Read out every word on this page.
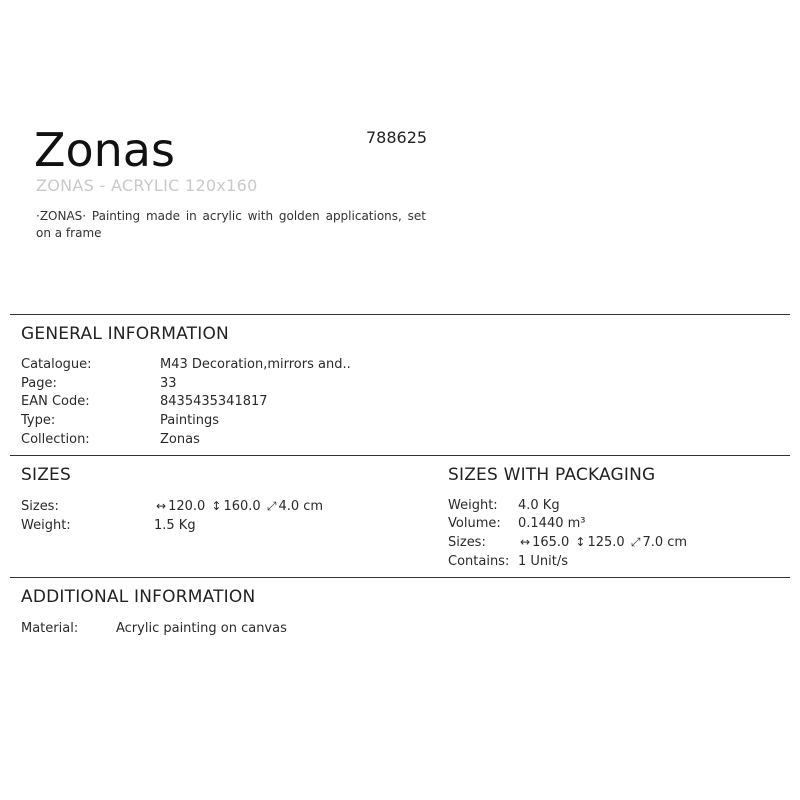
Zonas	788625
ZONAS - ACRYLIC 120x160

·ZONAS· Painting made in acrylic with golden applications, set on a frame

GENERAL INFORMATION
Catalogue:	M43 Decoration,mirrors and..
Page:	33
EAN Code:	8435435341817
Type:	Paintings
Collection:	Zonas
SIZES
Sizes:	↔ 120.0 ↕ 160.0 ⤢ 4.0 cm
Weight:	1.5 Kg
SIZES WITH PACKAGING
Weight: 4.0 Kg
Volume: 0.1440 m³
Sizes:	↔ 165.0 ↕ 125.0 ⤢ 7.0 cm
Contains: 1 Unit/s
ADDITIONAL INFORMATION
Material:	Acrylic painting on canvas
